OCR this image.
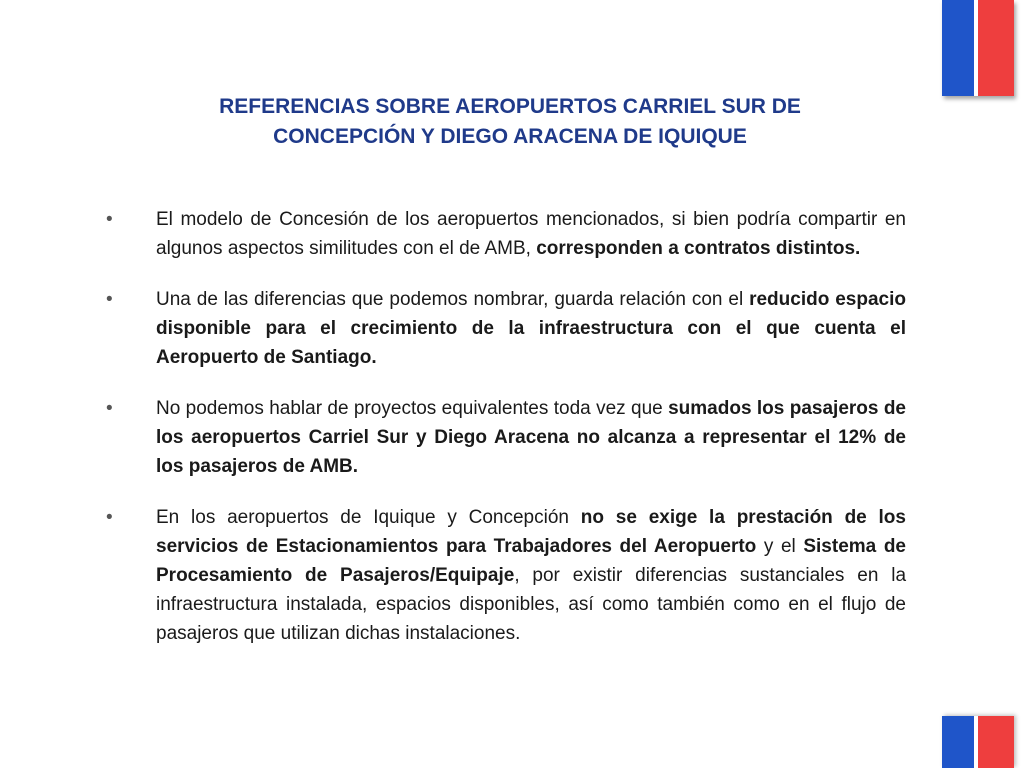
REFERENCIAS SOBRE AEROPUERTOS CARRIEL SUR DE
CONCEPCIÓN Y DIEGO ARACENA DE IQUIQUE
• El modelo de Concesión de los aeropuertos mencionados, si bien podría compartir en algunos aspectos similitudes con el de AMB, corresponden a contratos distintos.
• Una de las diferencias que podemos nombrar, guarda relación con el reducido espacio disponible para el crecimiento de la infraestructura con el que cuenta el Aeropuerto de Santiago.
• No podemos hablar de proyectos equivalentes toda vez que sumados los pasajeros de los aeropuertos Carriel Sur y Diego Aracena no alcanza a representar el 12% de los pasajeros de AMB.
• En los aeropuertos de Iquique y Concepción no se exige la prestación de los servicios de Estacionamientos para Trabajadores del Aeropuerto y el Sistema de Procesamiento de Pasajeros/Equipaje, por existir diferencias sustanciales en la infraestructura instalada, espacios disponibles, así como también como en el flujo de pasajeros que utilizan dichas instalaciones.
